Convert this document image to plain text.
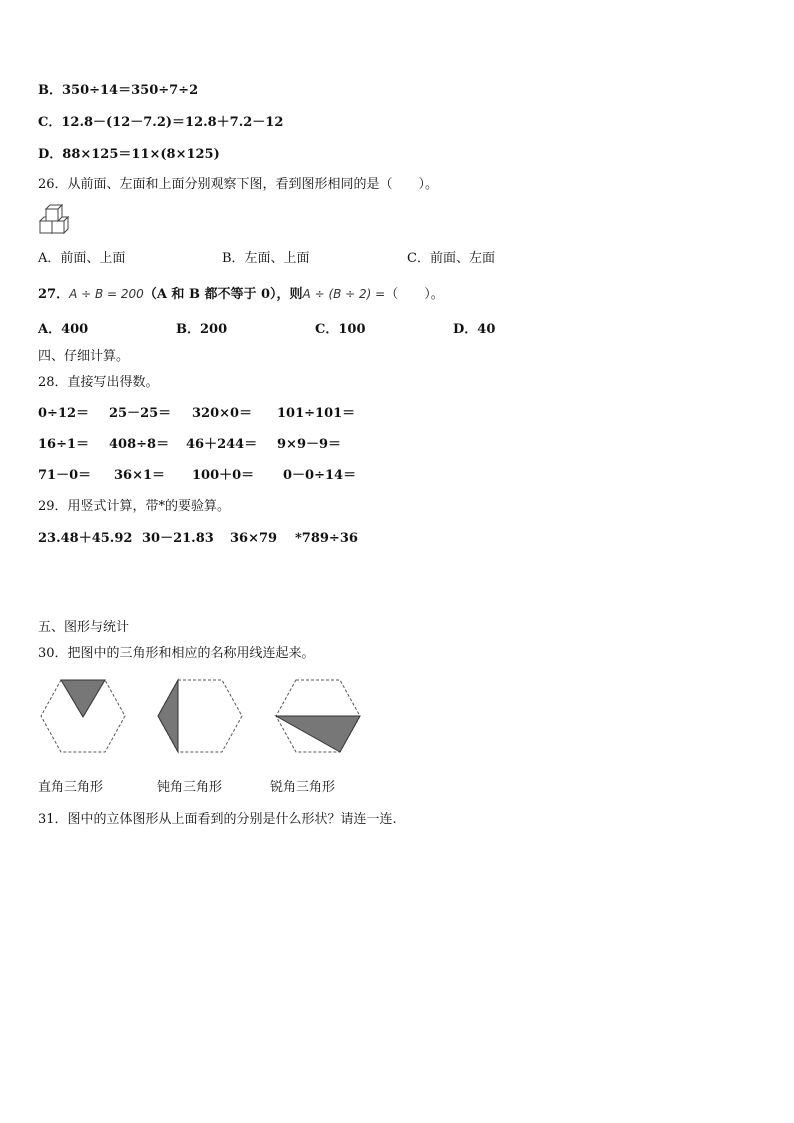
B．350÷14＝350÷7÷2
C．12.8－(12－7.2)＝12.8＋7.2－12
D．88×125＝11×(8×125)
26．从前面、左面和上面分别观察下图，看到图形相同的是（　　）。
A．前面、上面	B．左面、上面	C．前面、左面
27．A ÷ B = 200（A 和 B 都不等于 0），则A ÷ (B ÷ 2) =（　　）。
A．400	B．200	C．100	D．40
四、仔细计算。
28．直接写出得数。
0÷12＝ 25－25＝ 320×0＝ 101÷101＝
16÷1＝ 408÷8＝ 46＋244＝ 9×9－9＝
71－0＝ 36×1＝ 100＋0＝ 0－0÷14＝
29．用竖式计算，带*的要验算。
23.48＋45.92 30－21.83 36×79 *789÷36
五、图形与统计
30．把图中的三角形和相应的名称用线连起来。
直角三角形	钝角三角形	锐角三角形
31．图中的立体图形从上面看到的分别是什么形状？请连一连.
